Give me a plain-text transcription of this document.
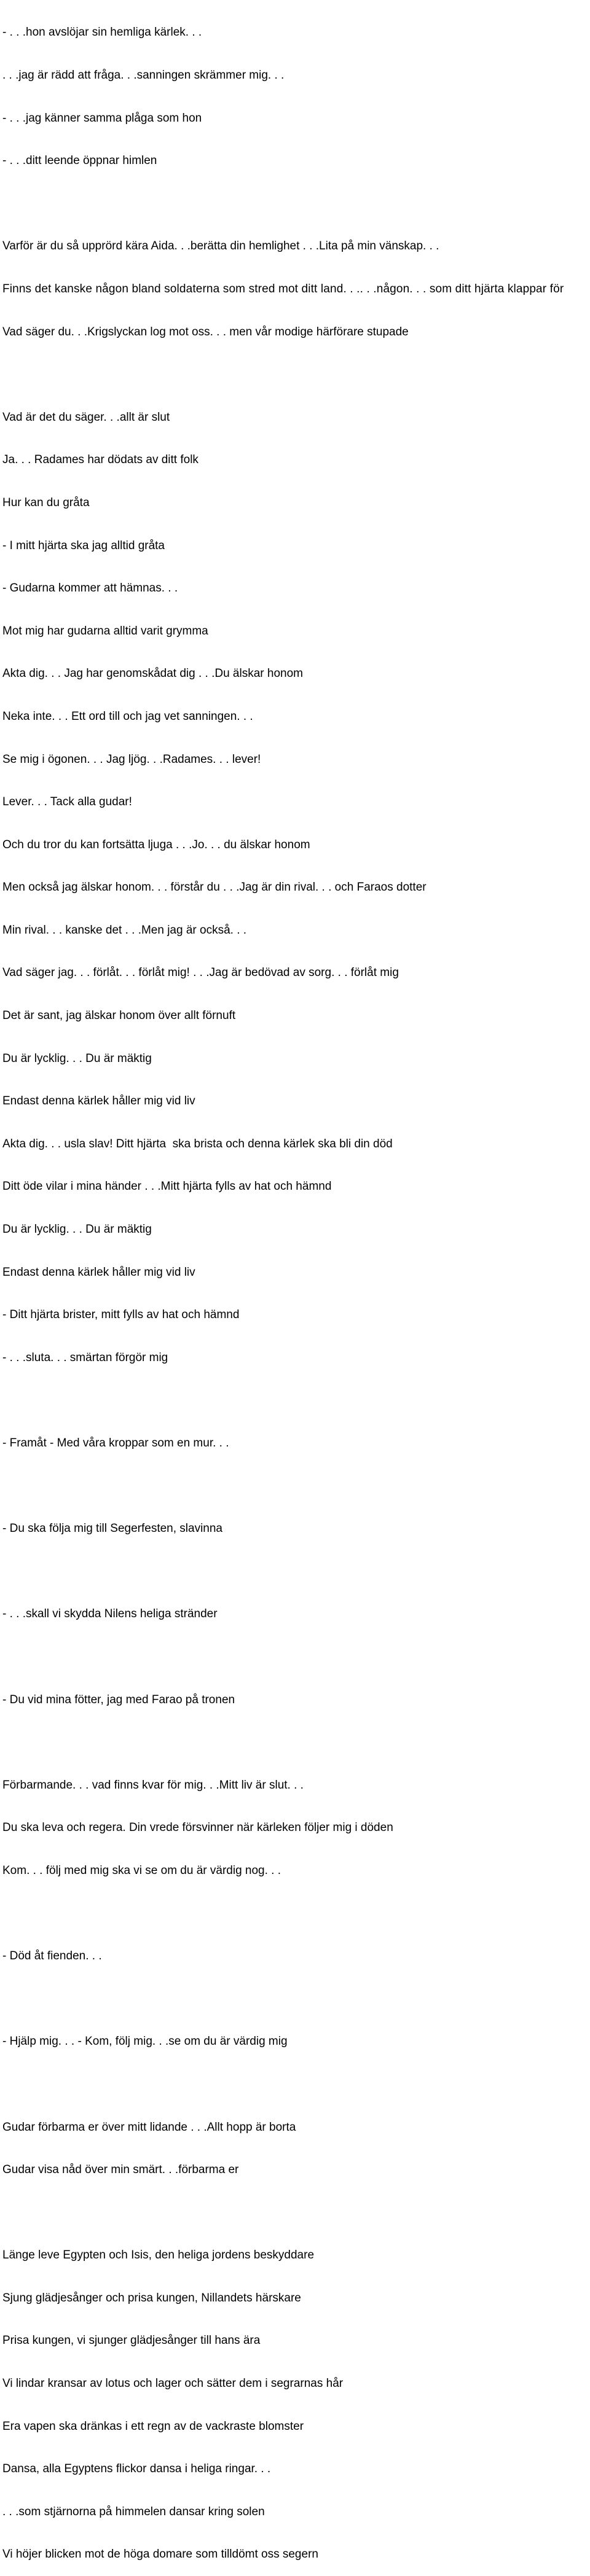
- . . .hon avslöjar sin hemliga kärlek. . .

. . .jag är rädd att fråga. . .sanningen skrämmer mig. . .

- . . .jag känner samma plåga som hon

- . . .ditt leende öppnar himlen

Varför är du så upprörd kära Aida. . .berätta din hemlighet . . .Lita på min vänskap. . .

Finns det kanske någon bland soldaterna som stred mot ditt land. . .. . .någon. . . som ditt hjärta klappar för

Vad säger du. . .Krigslyckan log mot oss. . . men vår modige härförare stupade

Vad är det du säger. . .allt är slut

Ja. . . Radames har dödats av ditt folk

Hur kan du gråta

- I mitt hjärta ska jag alltid gråta

- Gudarna kommer att hämnas. . .

Mot mig har gudarna alltid varit grymma

Akta dig. . . Jag har genomskådat dig . . .Du älskar honom

Neka inte. . . Ett ord till och jag vet sanningen. . .

Se mig i ögonen. . . Jag ljög. . .Radames. . . lever!

Lever. . . Tack alla gudar!

Och du tror du kan fortsätta ljuga . . .Jo. . . du älskar honom

Men också jag älskar honom. . . förstår du . . .Jag är din rival. . . och Faraos dotter

Min rival. . . kanske det . . .Men jag är också. . .

Vad säger jag. . . förlåt. . . förlåt mig! . . .Jag är bedövad av sorg. . . förlåt mig

Det är sant, jag älskar honom över allt förnuft

Du är lycklig. . . Du är mäktig

Endast denna kärlek håller mig vid liv

Akta dig. . . usla slav! Ditt hjärta  ska brista och denna kärlek ska bli din död

Ditt öde vilar i mina händer . . .Mitt hjärta fylls av hat och hämnd

Du är lycklig. . . Du är mäktig

Endast denna kärlek håller mig vid liv

- Ditt hjärta brister, mitt fylls av hat och hämnd

- . . .sluta. . . smärtan förgör mig

- Framåt - Med våra kroppar som en mur. . .

- Du ska följa mig till Segerfesten, slavinna

- . . .skall vi skydda Nilens heliga stränder

- Du vid mina fötter, jag med Farao på tronen

Förbarmande. . . vad finns kvar för mig. . .Mitt liv är slut. . .

Du ska leva och regera. Din vrede försvinner när kärleken följer mig i döden

Kom. . . följ med mig ska vi se om du är värdig nog. . .

- Död åt fienden. . .

- Hjälp mig. . . - Kom, följ mig. . .se om du är värdig mig

Gudar förbarma er över mitt lidande . . .Allt hopp är borta

Gudar visa nåd över min smärt. . .förbarma er

Länge leve Egypten och Isis, den heliga jordens beskyddare

Sjung glädjesånger och prisa kungen, Nillandets härskare

Prisa kungen, vi sjunger glädjesånger till hans ära

Vi lindar kransar av lotus och lager och sätter dem i segrarnas hår

Era vapen ska dränkas i ett regn av de vackraste blomster

Dansa, alla Egyptens flickor dansa i heliga ringar. . .

. . .som stjärnorna på himmelen dansar kring solen

Vi höjer blicken mot de höga domare som tilldömt oss segern
